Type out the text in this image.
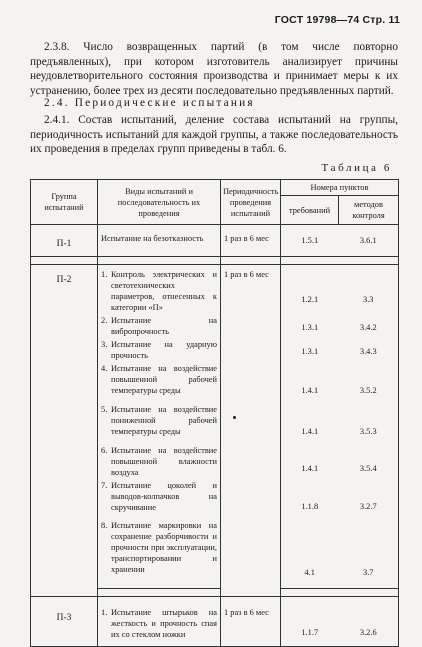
ГОСТ 19798—74 Стр. 11
2.3.8. Число возвращенных партий (в том числе повторно предъявленных), при котором изготовитель анализирует причины неудовлетворительного состояния производства и принимает меры к их устранению, более трех из десяти последовательно предъявленных партий.
2.4. Периодические испытания
2.4.1. Состав испытаний, деление состава испытаний на группы, периодичность испытаний для каждой группы, а также последовательность их проведения в пределах групп приведены в табл. 6.
Таблица 6
Группа испытаний	Виды испытаний и последовательность их проведения	Периодичность проведения испытаний	Номера пунктов	
			требований	методов контроля
П-1	Испытание на безотказность	1 раз в 6 мес	1.5.1	3.6.1

П-2	1. Контроль электрических и светотехнических параметров, отнесенных к категории «П»	1 раз в 6 мес	1.2.1	3.3

	2. Испытание на вибропрочность		1.3.1	3.4.2

	3. Испытание на ударную прочность		1.3.1	3.4.3

	4. Испытание на воздействие повышенной рабочей температуры среды		1.4.1	3.5.2

	5. Испытание на воздействие пониженной рабочей температуры среды		1.4.1	3.5.3

	6. Испытание на воздействие повышенной влажности воздуха		1.4.1	3.5.4

	7. Испытание цоколей и выводов-колпачков на скручивание		1.1.8	3.2.7

	8. Испытание маркировки на сохранение разборчивости и прочности при эксплуатации, транспортировании и хранении		4.1	3.7

П-3	1. Испытание штырьков на жесткость и прочность спая их со стеклом ножки	1 раз в 6 мес	1.1.7	3.2.6
